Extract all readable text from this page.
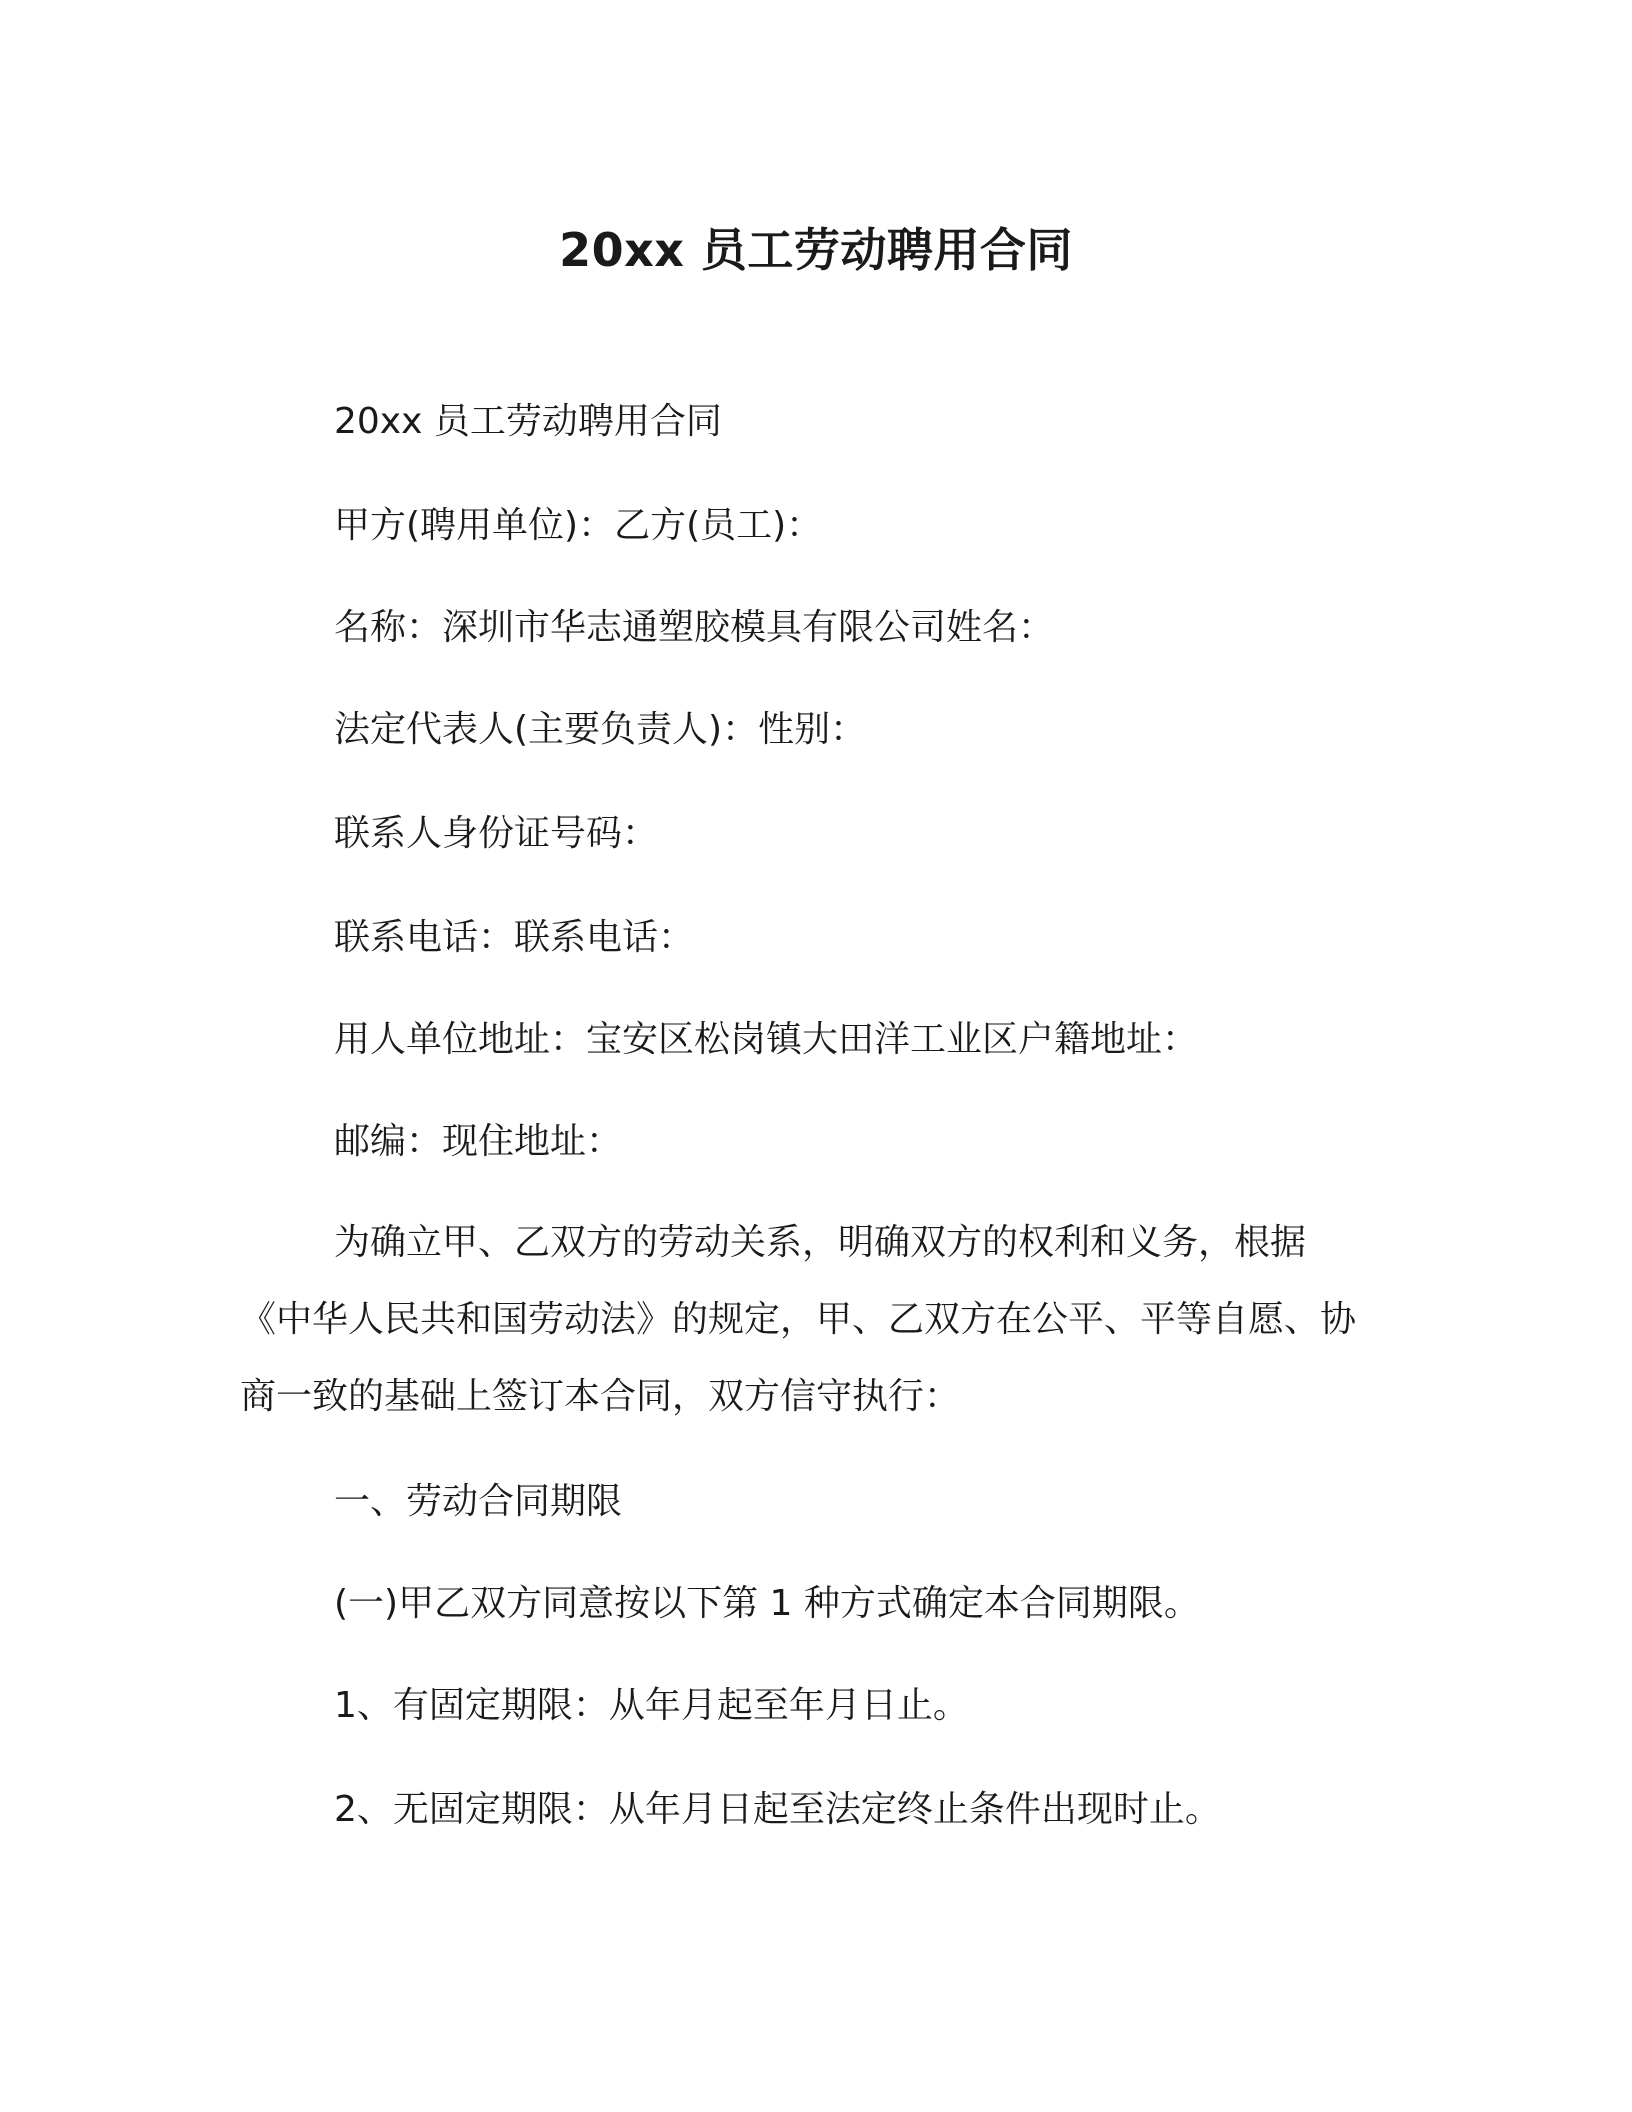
20xx 员工劳动聘用合同

20xx 员工劳动聘用合同

甲方(聘用单位)：乙方(员工)：

名称：深圳市华志通塑胶模具有限公司姓名：

法定代表人(主要负责人)：性别：

联系人身份证号码：

联系电话：联系电话：

用人单位地址：宝安区松岗镇大田洋工业区户籍地址：

邮编：现住地址：

为确立甲、乙双方的劳动关系，明确双方的权利和义务，根据《中华人民共和国劳动法》的规定，甲、乙双方在公平、平等自愿、协商一致的基础上签订本合同，双方信守执行：

一、劳动合同期限

(一)甲乙双方同意按以下第 1 种方式确定本合同期限。

1、有固定期限：从年月起至年月日止。

2、无固定期限：从年月日起至法定终止条件出现时止。
